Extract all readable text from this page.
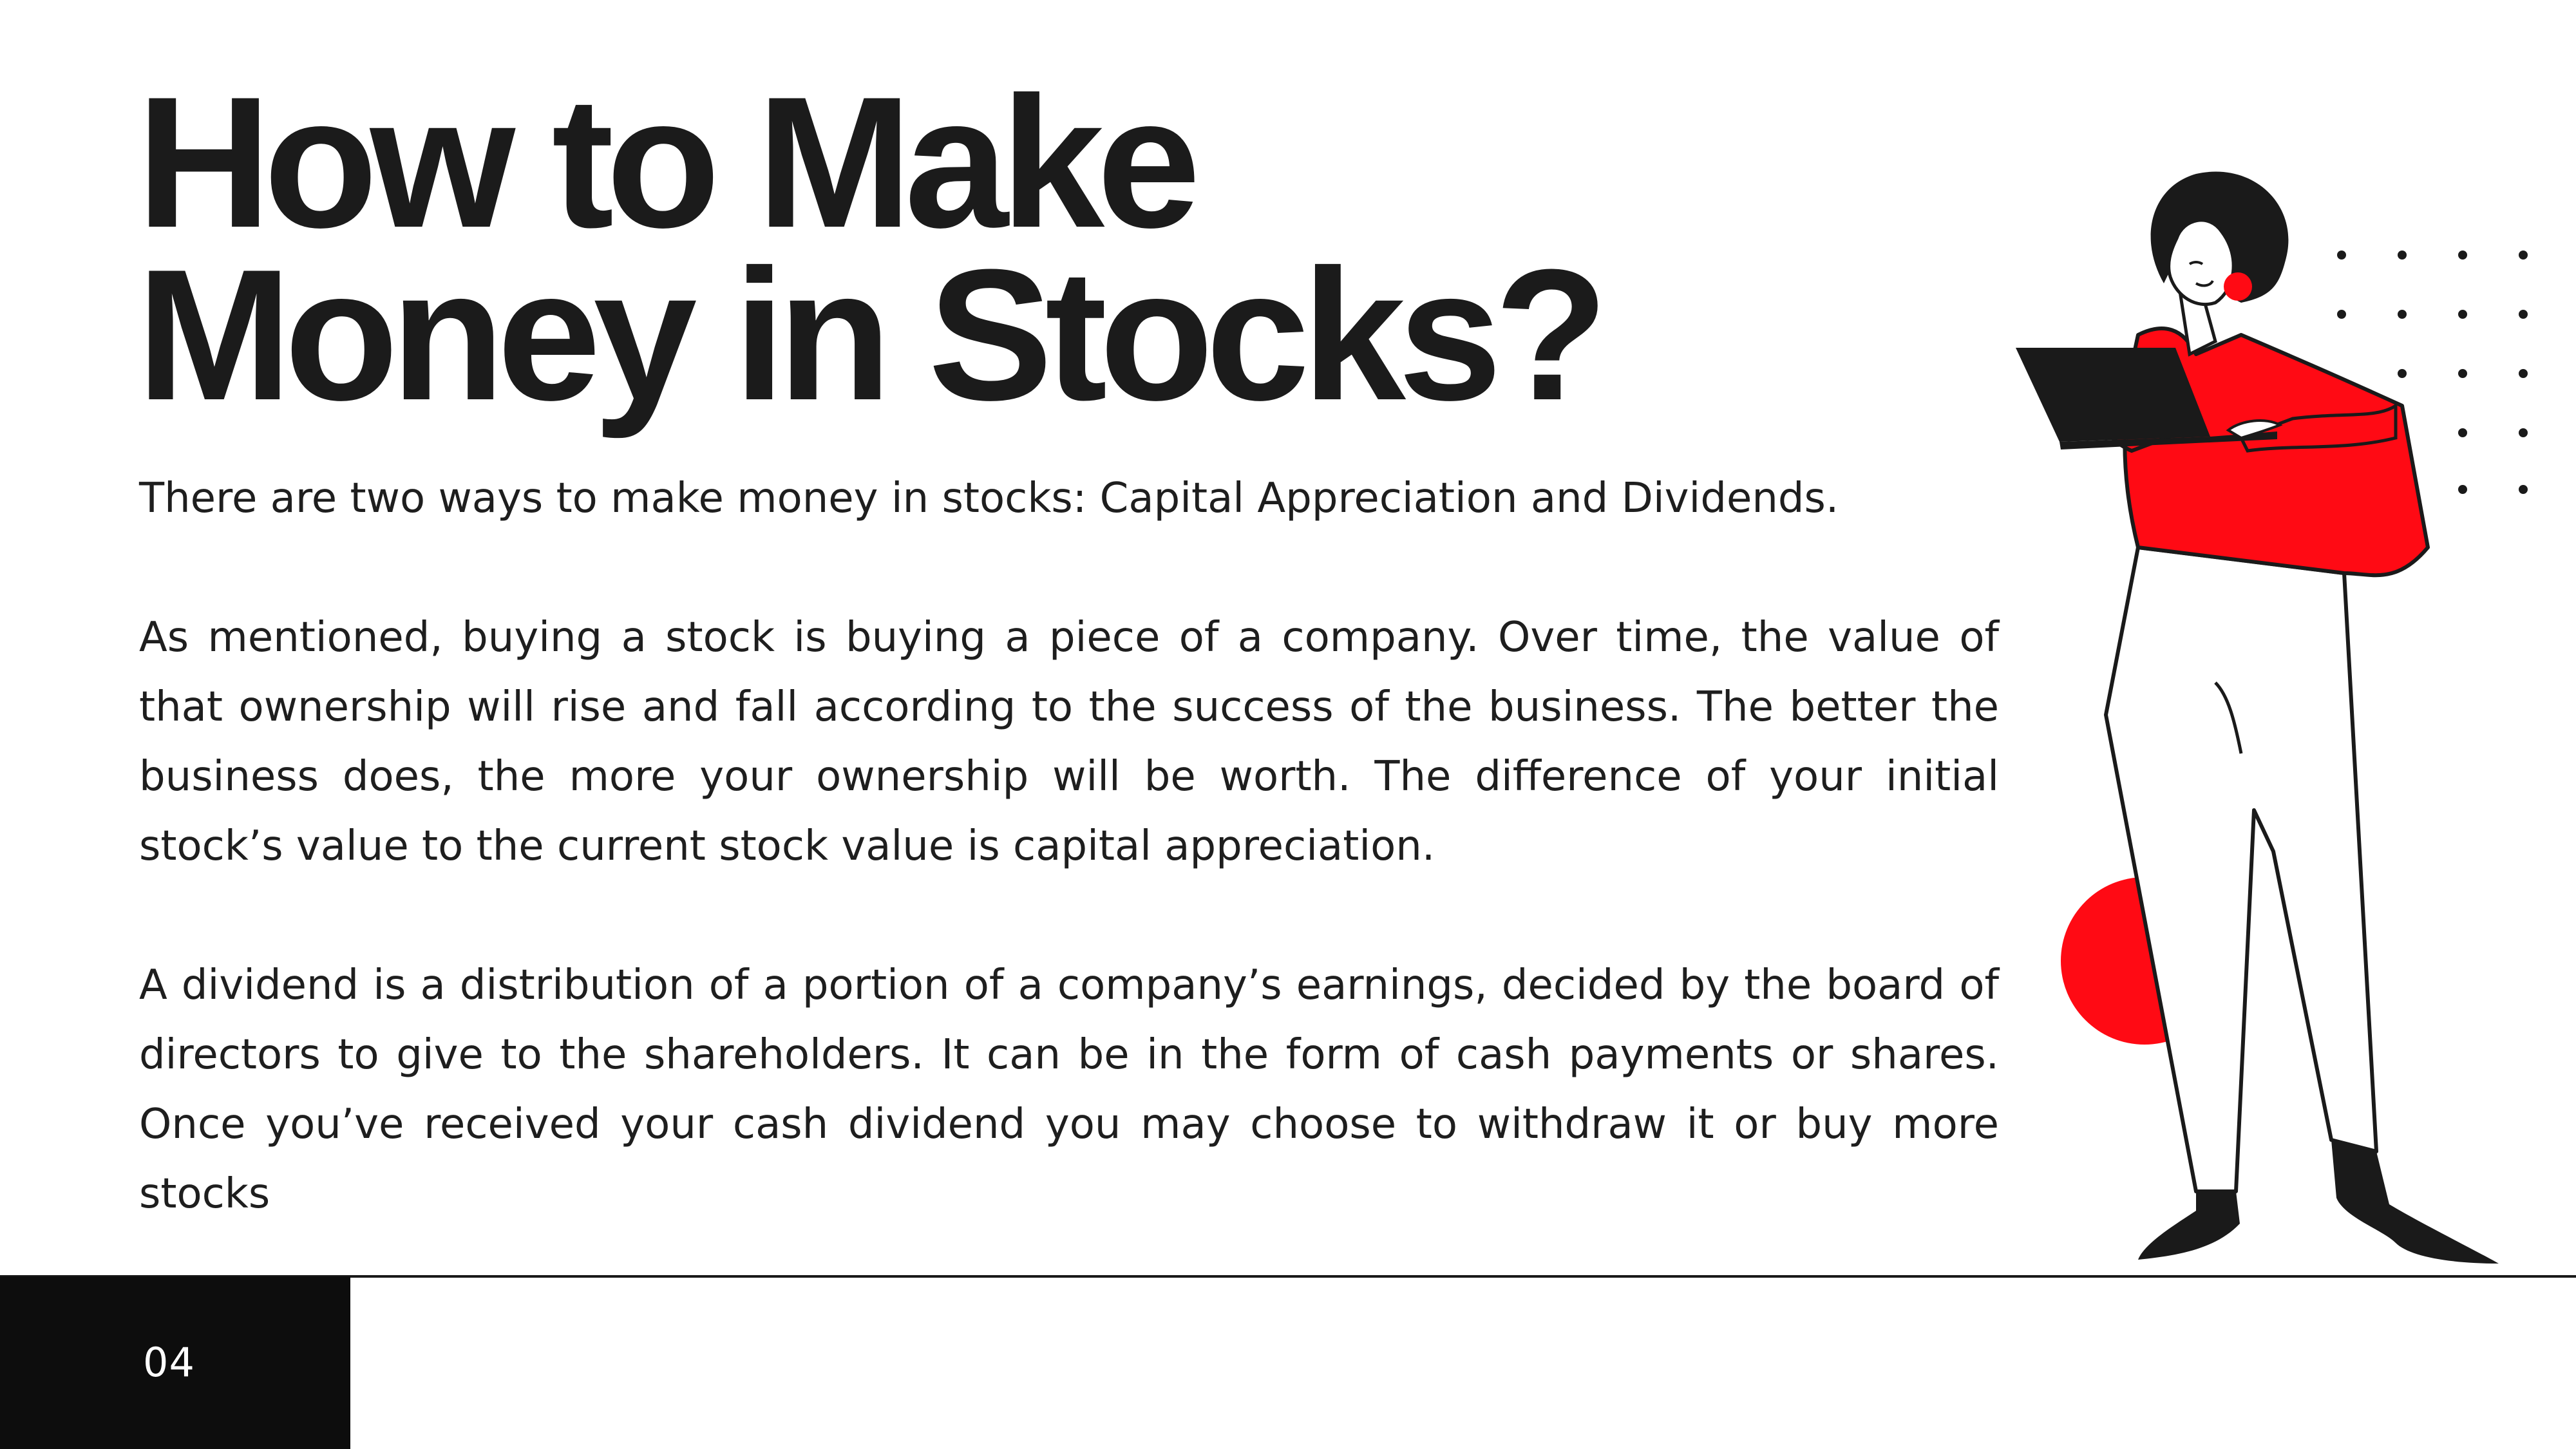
How to Make
Money in Stocks?

There are two ways to make money in stocks: Capital Appreciation and Dividends.

As mentioned, buying a stock is buying a piece of a company. Over time, the value of that ownership will rise and fall according to the success of the business. The better the business does, the more your ownership will be worth. The difference of your initial stock’s value to the current stock value is capital appreciation.

A dividend is a distribution of a portion of a company’s earnings, decided by the board of directors to give to the shareholders. It can be in the form of cash payments or shares. Once you’ve received your cash dividend you may choose to withdraw it or buy more stocks

04
